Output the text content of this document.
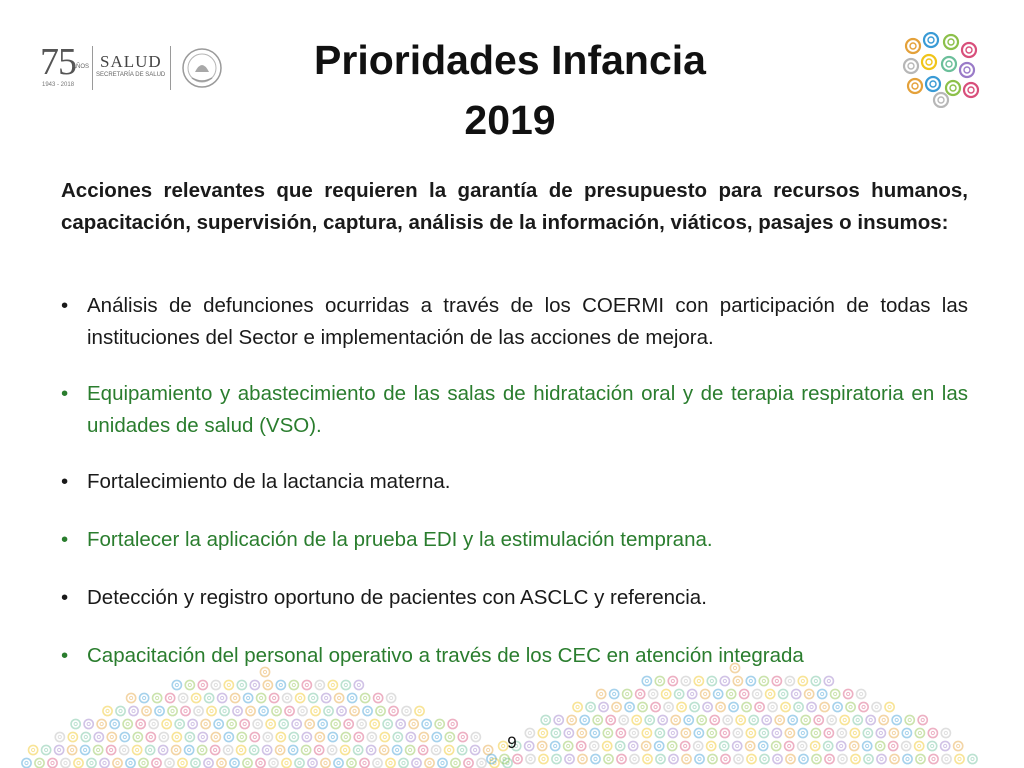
75
AÑOS
1943 - 2018
SALUD
SECRETARÍA DE SALUD	Prioridades Infancia
2019

Acciones relevantes que requieren la garantía de presupuesto para recursos humanos, capacitación, supervisión, captura, análisis de la información, viáticos, pasajes o insumos:

• Análisis de defunciones ocurridas a través de los COERMI con participación de todas las instituciones del Sector e implementación de las acciones de mejora.
• Equipamiento y abastecimiento de las salas de hidratación oral y de terapia respiratoria en las unidades de salud (VSO).
• Fortalecimiento de la lactancia materna.
• Fortalecer la aplicación de la prueba EDI y la estimulación temprana.
• Detección y registro oportuno de pacientes con ASCLC y referencia.
• Capacitación del personal operativo a través de los CEC en atención integrada
9
